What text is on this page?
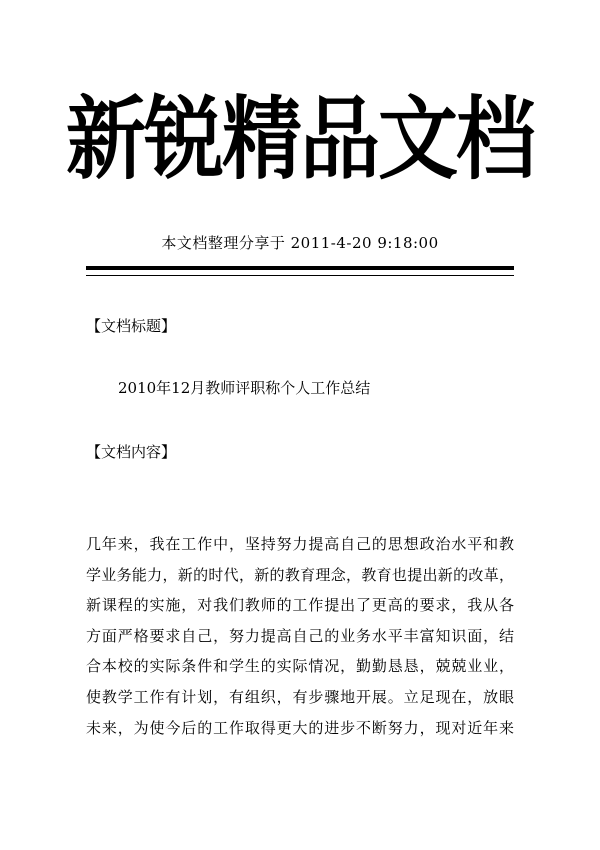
新锐精品文档
本文档整理分享于 2011-4-20 9:18:00
【文档标题】
2010年12月教师评职称个人工作总结
【文档内容】
几年来，我在工作中，坚持努力提高自己的思想政治水平和教
学业务能力，新的时代，新的教育理念，教育也提出新的改革，
新课程的实施，对我们教师的工作提出了更高的要求，我从各
方面严格要求自己，努力提高自己的业务水平丰富知识面，结
合本校的实际条件和学生的实际情况，勤勤恳恳，兢兢业业，
使教学工作有计划，有组织，有步骤地开展。立足现在，放眼
未来，为使今后的工作取得更大的进步不断努力，现对近年来
